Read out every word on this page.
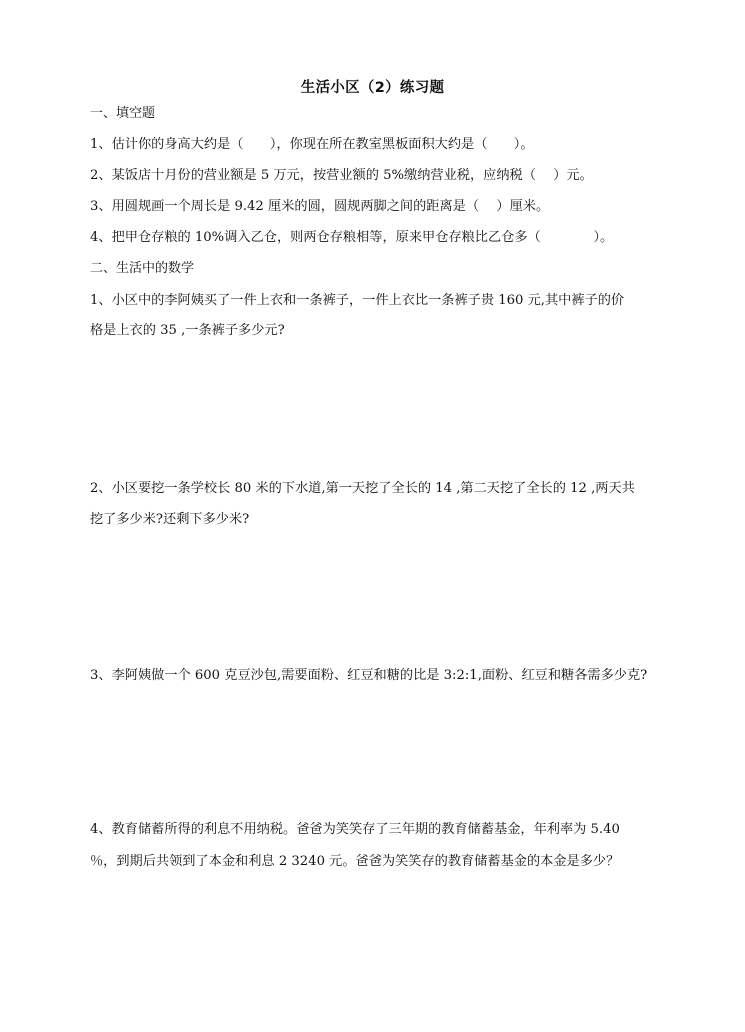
生活小区（2）练习题
一、填空题
1、估计你的身高大约是（　　），你现在所在教室黑板面积大约是（　　）。
2、某饭店十月份的营业额是 5 万元，按营业额的 5%缴纳营业税，应纳税（　 ）元。
3、用圆规画一个周长是 9.42 厘米的圆，圆规两脚之间的距离是（　 ）厘米。
4、把甲仓存粮的 10%调入乙仓，则两仓存粮相等，原来甲仓存粮比乙仓多（　　　　）。
二、生活中的数学
1、小区中的李阿姨买了一件上衣和一条裤子，一件上衣比一条裤子贵 160 元,其中裤子的价
格是上衣的 35 ,一条裤子多少元?
2、小区要挖一条学校长 80 米的下水道,第一天挖了全长的 14 ,第二天挖了全长的 12 ,两天共
挖了多少米?还剩下多少米?
3、李阿姨做一个 600 克豆沙包,需要面粉、红豆和糖的比是 3:2:1,面粉、红豆和糖各需多少克?
4、教育储蓄所得的利息不用纳税。爸爸为笑笑存了三年期的教育储蓄基金，年利率为 5.40
％，到期后共领到了本金和利息 2 3240 元。爸爸为笑笑存的教育储蓄基金的本金是多少？
